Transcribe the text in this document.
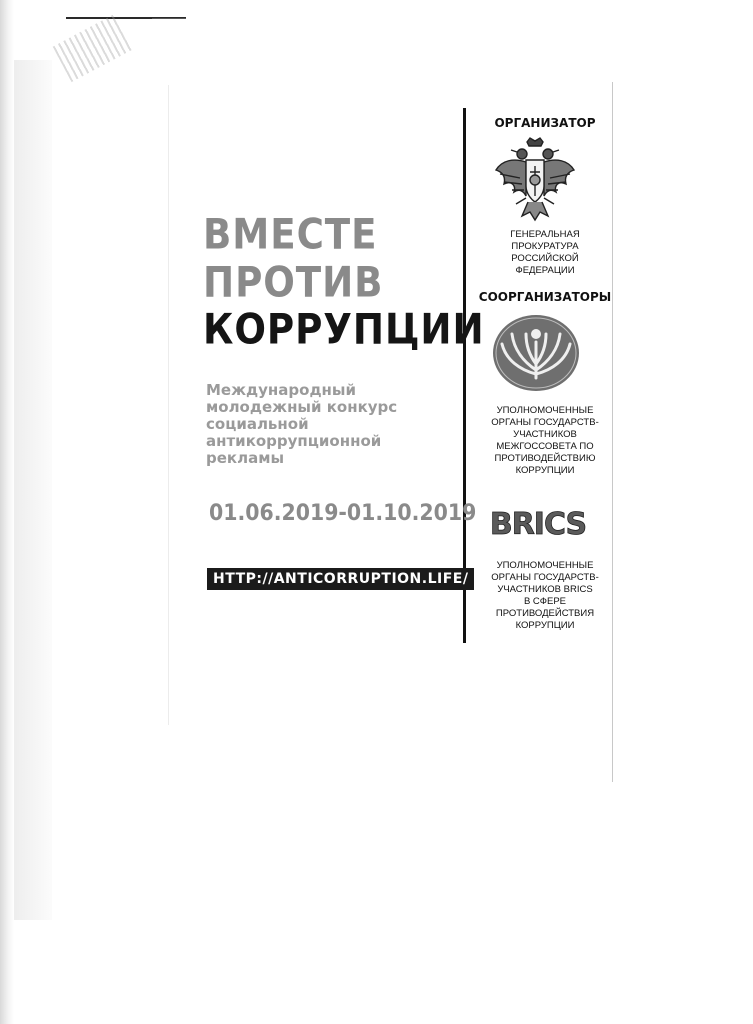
ВМЕСТЕ
ПРОТИВ
КОРРУПЦИИ
Международный
молодежный конкурс
социальной
антикоррупционной
рекламы
01.06.2019-01.10.2019
HTTP://ANTICORRUPTION.LIFE/
ОРГАНИЗАТОР
ГЕНЕРАЛЬНАЯ
ПРОКУРАТУРА
РОССИЙСКОЙ
ФЕДЕРАЦИИ
СООРГАНИЗАТОРЫ
УПОЛНОМОЧЕННЫЕ
ОРГАНЫ ГОСУДАРСТВ-
УЧАСТНИКОВ
МЕЖГОССОВЕТА ПО
ПРОТИВОДЕЙСТВИЮ
КОРРУПЦИИ
BRICS
УПОЛНОМОЧЕННЫЕ
ОРГАНЫ ГОСУДАРСТВ-
УЧАСТНИКОВ BRICS
В СФЕРЕ
ПРОТИВОДЕЙСТВИЯ
КОРРУПЦИИ
